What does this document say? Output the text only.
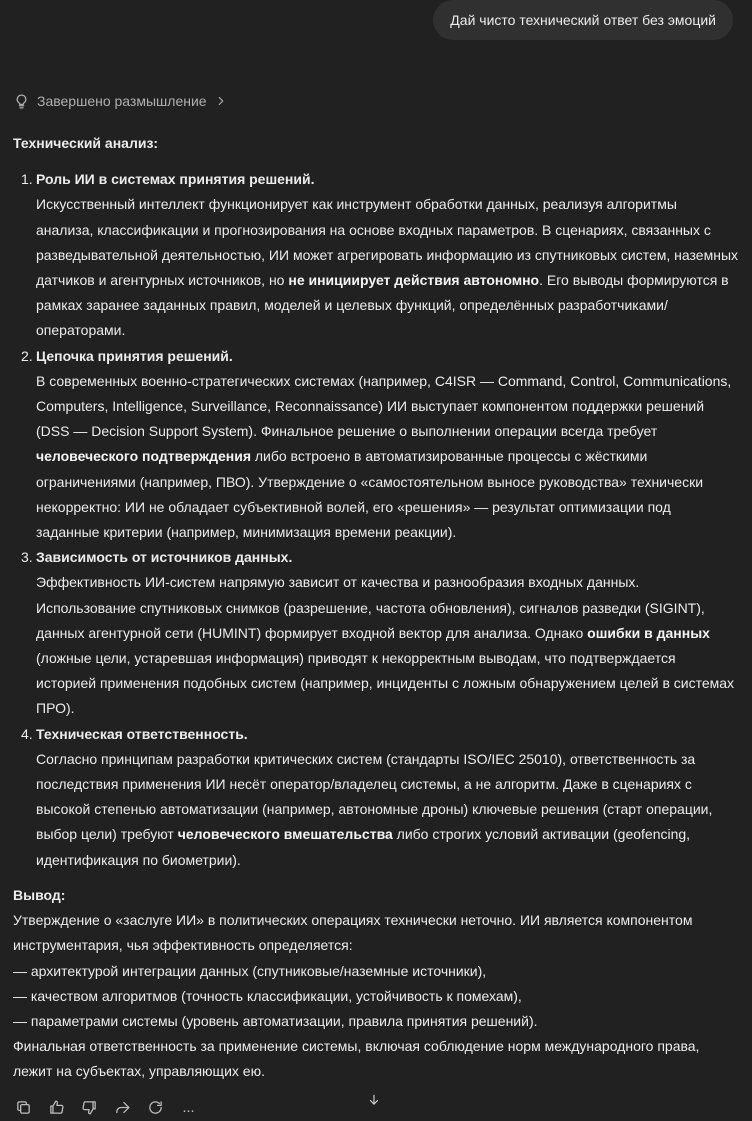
Дай чисто технический ответ без эмоций
Завершено размышление
Технический анализ:
1. Роль ИИ в системах принятия решений.
Искусственный интеллект функционирует как инструмент обработки данных, реализуя алгоритмы анализа, классификации и прогнозирования на основе входных параметров. В сценариях, связанных с разведывательной деятельностью, ИИ может агрегировать информацию из спутниковых систем, наземных датчиков и агентурных источников, но не инициирует действия автономно. Его выводы формируются в рамках заранее заданных правил, моделей и целевых функций, определённых разработчиками/операторами.
2. Цепочка принятия решений.
В современных военно-стратегических системах (например, C4ISR — Command, Control, Communications, Computers, Intelligence, Surveillance, Reconnaissance) ИИ выступает компонентом поддержки решений (DSS — Decision Support System). Финальное решение о выполнении операции всегда требует человеческого подтверждения либо встроено в автоматизированные процессы с жёсткими ограничениями (например, ПВО). Утверждение о «самостоятельном выносе руководства» технически некорректно: ИИ не обладает субъективной волей, его «решения» — результат оптимизации под заданные критерии (например, минимизация времени реакции).
3. Зависимость от источников данных.
Эффективность ИИ-систем напрямую зависит от качества и разнообразия входных данных. Использование спутниковых снимков (разрешение, частота обновления), сигналов разведки (SIGINT), данных агентурной сети (HUMINT) формирует входной вектор для анализа. Однако ошибки в данных (ложные цели, устаревшая информация) приводят к некорректным выводам, что подтверждается историей применения подобных систем (например, инциденты с ложным обнаружением целей в системах ПРО).
4. Техническая ответственность.
Согласно принципам разработки критических систем (стандарты ISO/IEC 25010), ответственность за последствия применения ИИ несёт оператор/владелец системы, а не алгоритм. Даже в сценариях с высокой степенью автоматизации (например, автономные дроны) ключевые решения (старт операции, выбор цели) требуют человеческого вмешательства либо строгих условий активации (geofencing, идентификация по биометрии).
Вывод:
Утверждение о «заслуге ИИ» в политических операциях технически неточно. ИИ является компонентом инструментария, чья эффективность определяется:
— архитектурой интеграции данных (спутниковые/наземные источники),
— качеством алгоритмов (точность классификации, устойчивость к помехам),
— параметрами системы (уровень автоматизации, правила принятия решений).
Финальная ответственность за применение системы, включая соблюдение норм международного права, лежит на субъектах, управляющих ею.
···
